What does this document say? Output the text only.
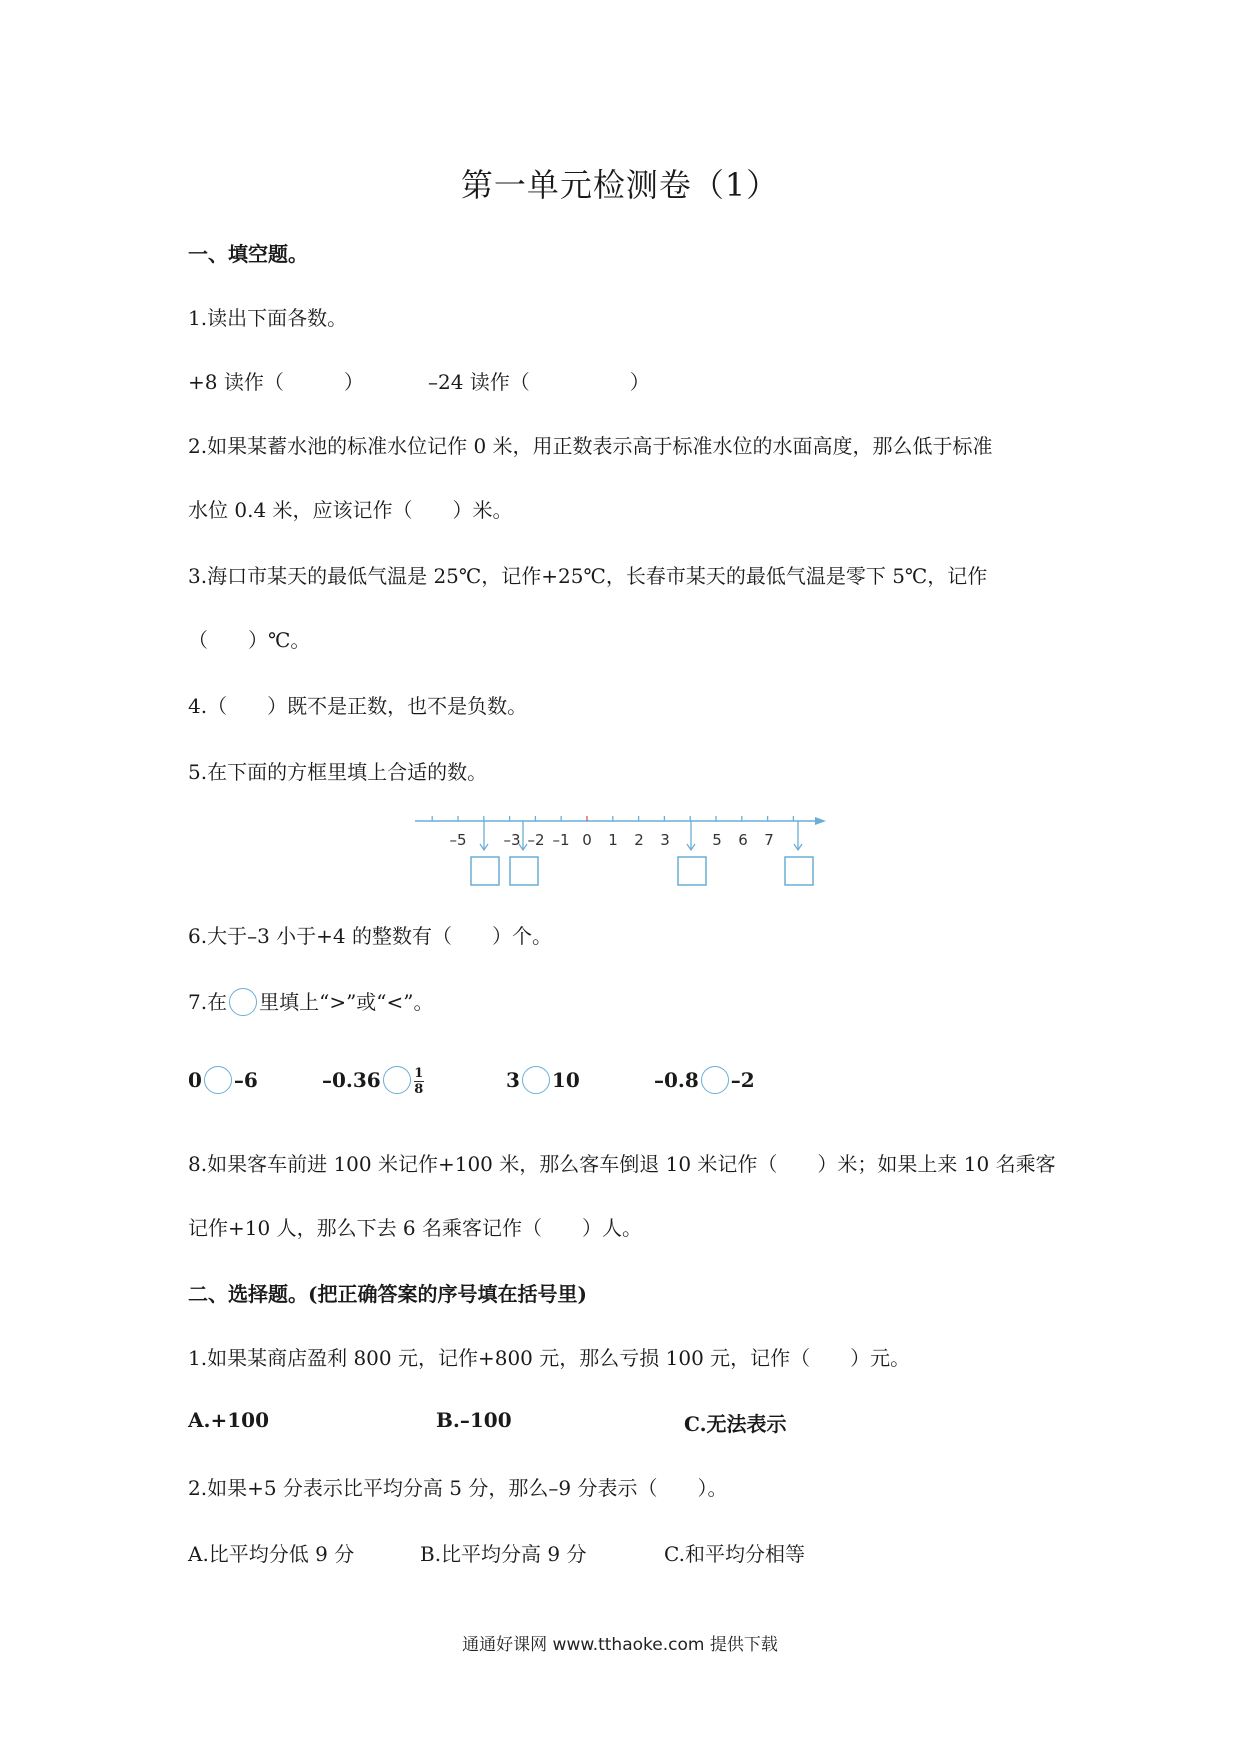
第一单元检测卷（1）
一、填空题。
1.读出下面各数。
+8 读作（　　　）	–24 读作（　　　　　）
2.如果某蓄水池的标准水位记作 0 米，用正数表示高于标准水位的水面高度，那么低于标准
水位 0.4 米，应该记作（　　）米。
3.海口市某天的最低气温是 25℃，记作+25℃，长春市某天的最低气温是零下 5℃，记作
（　　）℃。
4.（　　）既不是正数，也不是负数。
5.在下面的方框里填上合适的数。
–5 –3 –2 –1 0 1 2 3	5 6 7
6.大于–3 小于+4 的整数有（　　）个。
7.在 里填上“>”或“<”。
0 –6	–0.36	$\frac{1}{8}$	3 10	–0.8 –2
8.如果客车前进 100 米记作+100 米，那么客车倒退 10 米记作（　　）米；如果上来 10 名乘客
记作+10 人，那么下去 6 名乘客记作（　　）人。
二、选择题。(把正确答案的序号填在括号里)
1.如果某商店盈利 800 元，记作+800 元，那么亏损 100 元，记作（　　）元。
A.+100	B.–100	C.无法表示
2.如果+5 分表示比平均分高 5 分，那么–9 分表示（　　）。
A.比平均分低 9 分	B.比平均分高 9 分	C.和平均分相等
通通好课网 www.tthaoke.com 提供下载
